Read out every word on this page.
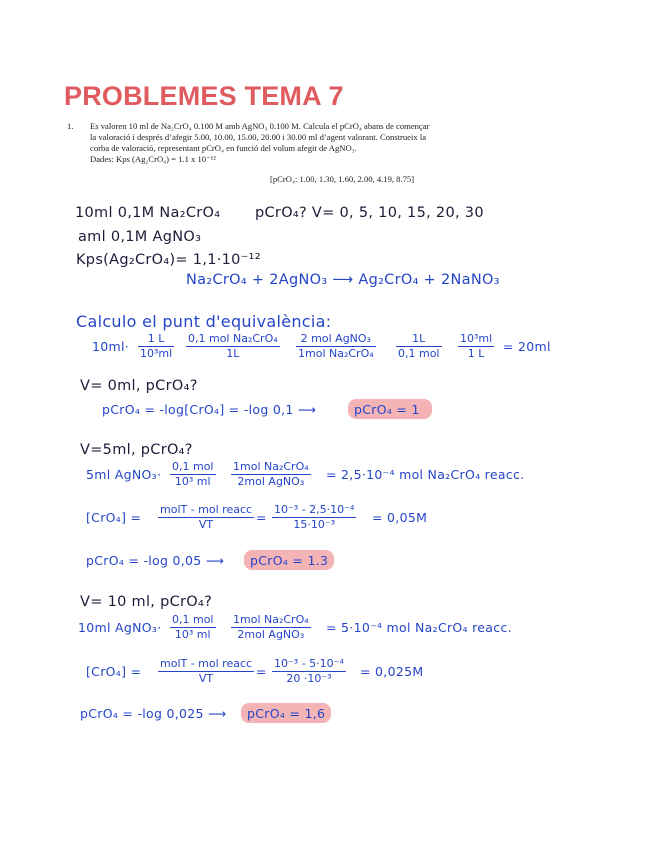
PROBLEMES TEMA 7
1. Es valoren 10 ml de Na₂CrO₄ 0.100 M amb AgNO₃ 0.100 M. Calcula el pCrO₄ abans de començar la valoració i després d’afegir 5.00, 10.00, 15.00, 20.00 i 30.00 ml d’agent valorant. Construeix la corba de valoració, representant pCrO₄ en funció del volum afegit de AgNO₃.
Dades: Kps (Ag₂CrO₄) = 1.1 x 10⁻¹²
[pCrO₄: 1.00, 1.30, 1.60, 2.00, 4.19, 8.75]
10ml 0,1M Na₂CrO₄ pCrO₄? V= 0, 5, 10, 15, 20, 30
aml 0,1M AgNO₃
Kps(Ag₂CrO₄)= 1,1·10⁻¹²
Na₂CrO₄ + 2AgNO₃ ⟶ Ag₂CrO₄ + 2NaNO₃
Calculo el punt d'equivalència:
$10ml\cdot \frac{1 L}{\text{10³ml}} 0,1$ mol Na₂CrO₄
1L
2 mol AgNO₃
1mol Na₂CrO₄
1L
0,1 mol $\frac{\text{10³ml}}{1 L} = 20ml$
V= 0ml, pCrO₄?
pCrO₄ = -log[CrO₄] = -log 0,1 ⟶	pCrO₄ = 1
V=5ml, pCrO₄?
5ml AgNO₃·
0,1 mol
10³ ml
1mol Na₂CrO₄
2mol AgNO₃	= 2,5·10⁻⁴ mol Na₂CrO₄ reacc.
[CrO₄] =
molT - mol reacc
VT	= $\frac{\text{10⁻³ - 2,5·10⁻⁴}}{\text{15·10⁻³}} = 0,05M$
pCrO₄ = -log 0,05 ⟶ pCrO₄ = 1.3
V= 10 ml, pCrO₄?
10ml AgNO₃·
0,1 mol
10³ ml
1mol Na₂CrO₄
2mol AgNO₃	= 5·10⁻⁴ mol Na₂CrO₄ reacc.
[CrO₄] =
molT - mol reacc
VT	= $\frac{\text{10⁻³ - 5·10⁻⁴}}{\text{20 ·10⁻³}} = 0,025M$
pCrO₄ = -log 0,025 ⟶ pCrO₄ = 1,6
